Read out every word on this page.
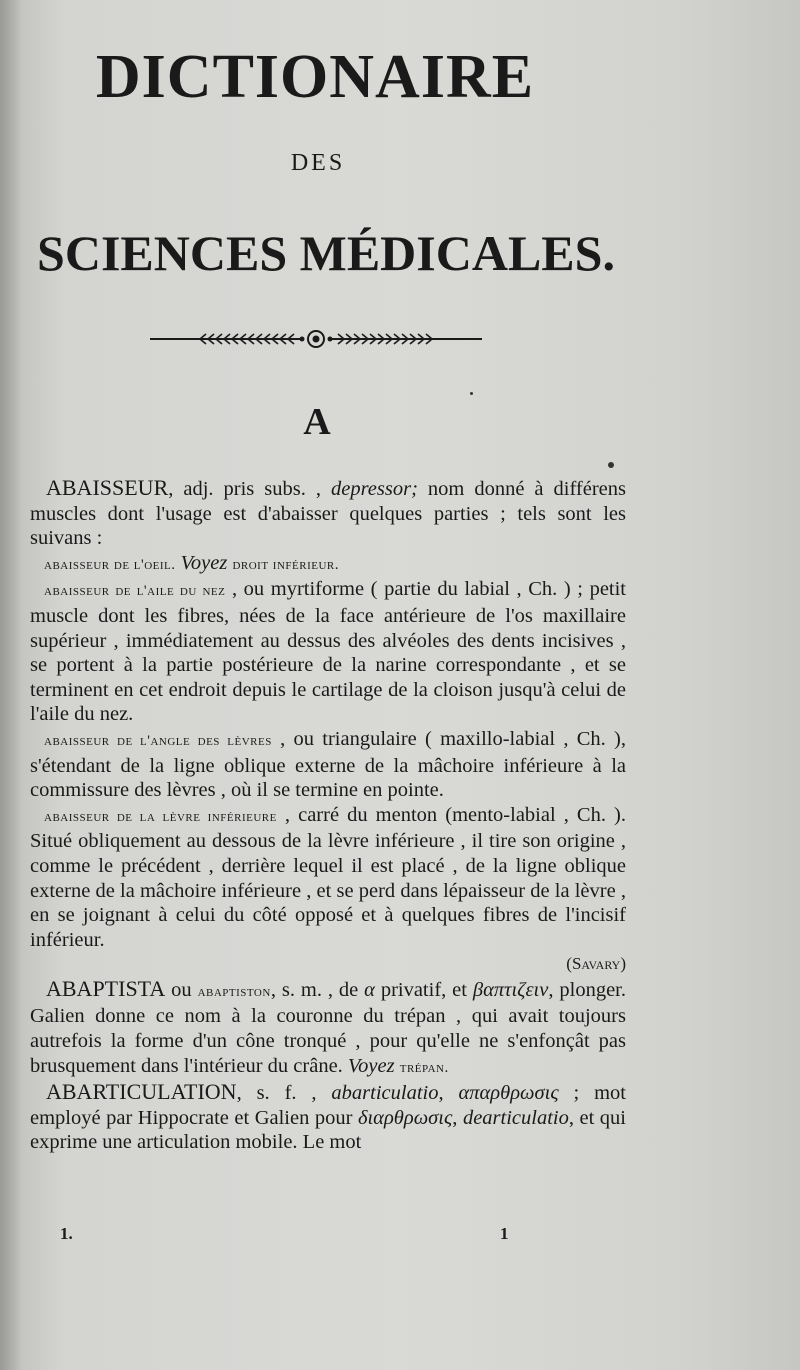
DICTIONAIRE

DES

SCIENCES MÉDICALES.

A

ABAISSEUR, adj. pris subs. , depressor; nom donné à différens muscles dont l'usage est d'abaisser quelques parties ; tels sont les suivans :

abaisseur de l'oeil. Voyez droit inférieur.

abaisseur de l'aile du nez , ou myrtiforme ( partie du labial , Ch. ) ; petit muscle dont les fibres, nées de la face antérieure de l'os maxillaire supérieur , immédiatement au dessus des alvéoles des dents incisives , se portent à la partie postérieure de la narine correspondante , et se terminent en cet endroit depuis le cartilage de la cloison jusqu'à celui de l'aile du nez.

abaisseur de l'angle des lèvres , ou triangulaire ( maxillo-labial , Ch. ), s'étendant de la ligne oblique externe de la mâchoire inférieure à la commissure des lèvres , où il se termine en pointe.

abaisseur de la lèvre inférieure , carré du menton (mento-labial , Ch. ). Situé obliquement au dessous de la lèvre inférieure , il tire son origine , comme le précédent , derrière lequel il est placé , de la ligne oblique externe de la mâchoire inférieure , et se perd dans lépaisseur de la lèvre , en se joignant à celui du côté opposé et à quelques fibres de l'incisif inférieur.

(Savary)

ABAPTISTA ou abaptiston, s. m. , de α privatif, et βαπτιζειν, plonger. Galien donne ce nom à la couronne du trépan , qui avait toujours autrefois la forme d'un cône tronqué , pour qu'elle ne s'enfonçât pas brusquement dans l'intérieur du crâne. Voyez trépan.

ABARTICULATION, s. f. , abarticulatio, απαρθρωσις ; mot employé par Hippocrate et Galien pour διαρθρωσις, dearticulatio, et qui exprime une articulation mobile. Le mot

1.	1
